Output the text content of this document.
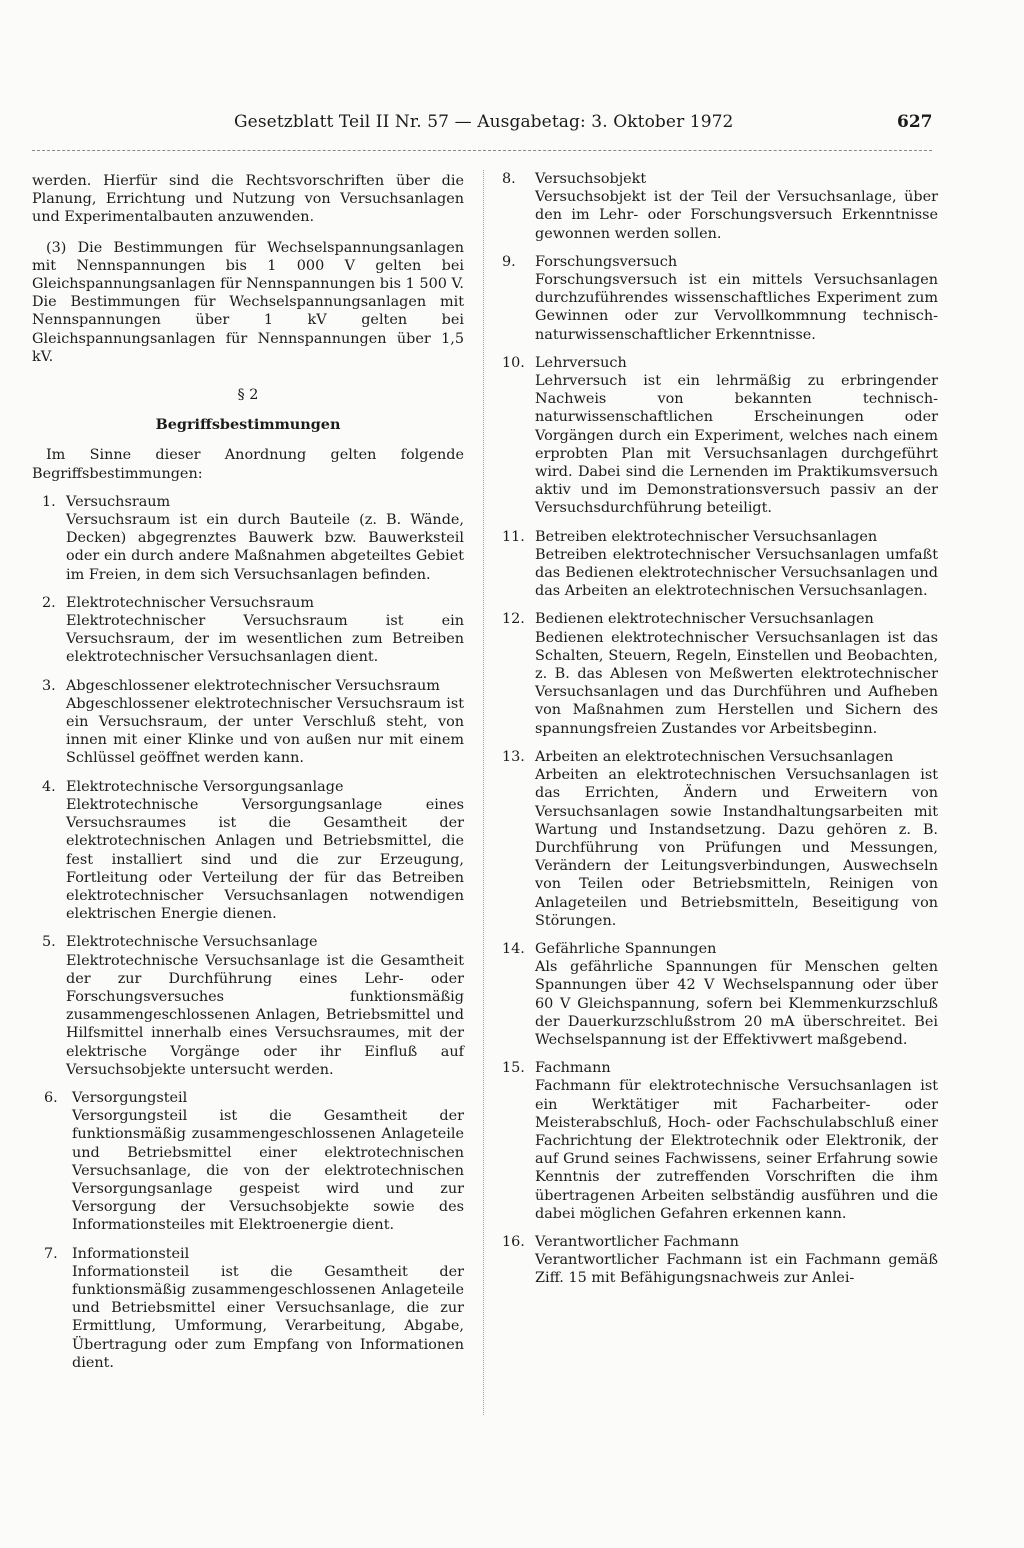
Gesetzblatt Teil II Nr. 57 — Ausgabetag: 3. Oktober 1972	627

werden. Hierfür sind die Rechtsvorschriften über die Planung, Errichtung und Nutzung von Versuchsanlagen und Experimentalbauten anzuwenden.

(3) Die Bestimmungen für Wechselspannungsanlagen mit Nennspannungen bis 1 000 V gelten bei Gleichspannungsanlagen für Nennspannungen bis 1 500 V. Die Bestimmungen für Wechselspannungsanlagen mit Nennspannungen über 1 kV gelten bei Gleichspannungsanlagen für Nennspannungen über 1,5 kV.

§ 2
Begriffsbestimmungen

Im Sinne dieser Anordnung gelten folgende Begriffsbestimmungen:

1. Versuchsraum
Versuchsraum ist ein durch Bauteile (z. B. Wände, Decken) abgegrenztes Bauwerk bzw. Bauwerksteil oder ein durch andere Maßnahmen abgeteiltes Gebiet im Freien, in dem sich Versuchsanlagen befinden.
2. Elektrotechnischer Versuchsraum
Elektrotechnischer Versuchsraum ist ein Versuchsraum, der im wesentlichen zum Betreiben elektrotechnischer Versuchsanlagen dient.
3. Abgeschlossener elektrotechnischer Versuchsraum
Abgeschlossener elektrotechnischer Versuchsraum ist ein Versuchsraum, der unter Verschluß steht, von innen mit einer Klinke und von außen nur mit einem Schlüssel geöffnet werden kann.
4. Elektrotechnische Versorgungsanlage
Elektrotechnische Versorgungsanlage eines Versuchsraumes ist die Gesamtheit der elektrotechnischen Anlagen und Betriebsmittel, die fest installiert sind und die zur Erzeugung, Fortleitung oder Verteilung der für das Betreiben elektrotechnischer Versuchsanlagen notwendigen elektrischen Energie dienen.
5. Elektrotechnische Versuchsanlage
Elektrotechnische Versuchsanlage ist die Gesamtheit der zur Durchführung eines Lehr- oder Forschungsversuches funktionsmäßig zusammengeschlossenen Anlagen, Betriebsmittel und Hilfsmittel innerhalb eines Versuchsraumes, mit der elektrische Vorgänge oder ihr Einfluß auf Versuchsobjekte untersucht werden.
6. Versorgungsteil
Versorgungsteil ist die Gesamtheit der funktionsmäßig zusammengeschlossenen Anlageteile und Betriebsmittel einer elektrotechnischen Versuchsanlage, die von der elektrotechnischen Versorgungsanlage gespeist wird und zur Versorgung der Versuchsobjekte sowie des Informationsteiles mit Elektroenergie dient.
7. Informationsteil
Informationsteil ist die Gesamtheit der funktionsmäßig zusammengeschlossenen Anlageteile und Betriebsmittel einer Versuchsanlage, die zur Ermittlung, Umformung, Verarbeitung, Abgabe, Übertragung oder zum Empfang von Informationen dient.
8.	Versuchsobjekt
Versuchsobjekt ist der Teil der Versuchsanlage, über den im Lehr- oder Forschungsversuch Erkenntnisse gewonnen werden sollen.
9.	Forschungsversuch
Forschungsversuch ist ein mittels Versuchsanlagen durchzuführendes wissenschaftliches Experiment zum Gewinnen oder zur Vervollkommnung technisch-naturwissenschaftlicher Erkenntnisse.
10. Lehrversuch
Lehrversuch ist ein lehrmäßig zu erbringender Nachweis von bekannten technisch-naturwissenschaftlichen Erscheinungen oder Vorgängen durch ein Experiment, welches nach einem erprobten Plan mit Versuchsanlagen durchgeführt wird. Dabei sind die Lernenden im Praktikumsversuch aktiv und im Demonstrationsversuch passiv an der Versuchsdurchführung beteiligt.
11. Betreiben elektrotechnischer Versuchsanlagen
Betreiben elektrotechnischer Versuchsanlagen umfaßt das Bedienen elektrotechnischer Versuchsanlagen und das Arbeiten an elektrotechnischen Versuchsanlagen.
12. Bedienen elektrotechnischer Versuchsanlagen
Bedienen elektrotechnischer Versuchsanlagen ist das Schalten, Steuern, Regeln, Einstellen und Beobachten, z. B. das Ablesen von Meßwerten elektrotechnischer Versuchsanlagen und das Durchführen und Aufheben von Maßnahmen zum Herstellen und Sichern des spannungsfreien Zustandes vor Arbeitsbeginn.
13. Arbeiten an elektrotechnischen Versuchsanlagen
Arbeiten an elektrotechnischen Versuchsanlagen ist das Errichten, Ändern und Erweitern von Versuchsanlagen sowie Instandhaltungsarbeiten mit Wartung und Instandsetzung. Dazu gehören z. B. Durchführung von Prüfungen und Messungen, Verändern der Leitungsverbindungen, Auswechseln von Teilen oder Betriebsmitteln, Reinigen von Anlageteilen und Betriebsmitteln, Beseitigung von Störungen.
14. Gefährliche Spannungen
Als gefährliche Spannungen für Menschen gelten Spannungen über 42 V Wechselspannung oder über 60 V Gleichspannung, sofern bei Klemmenkurzschluß der Dauerkurzschlußstrom 20 mA überschreitet. Bei Wechselspannung ist der Effektivwert maßgebend.
15. Fachmann
Fachmann für elektrotechnische Versuchsanlagen ist ein Werktätiger mit Facharbeiter- oder Meisterabschluß, Hoch- oder Fachschulabschluß einer Fachrichtung der Elektrotechnik oder Elektronik, der auf Grund seines Fachwissens, seiner Erfahrung sowie Kenntnis der zutreffenden Vorschriften die ihm übertragenen Arbeiten selbständig ausführen und die dabei möglichen Gefahren erkennen kann.
16. Verantwortlicher Fachmann
Verantwortlicher Fachmann ist ein Fachmann gemäß Ziff. 15 mit Befähigungsnachweis zur Anlei-
